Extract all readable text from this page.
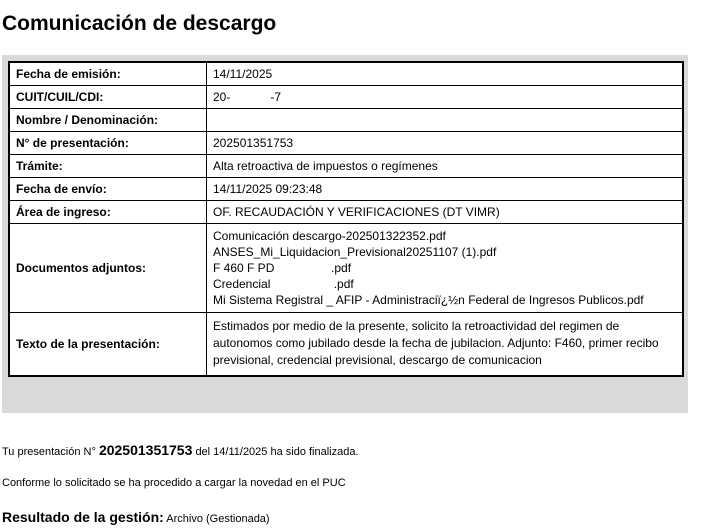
Comunicación de descargo
Fecha de emisión:	14/11/2025
CUIT/CUIL/CDI:	20-            -7
Nombre / Denominación:	
N° de presentación:	202501351753
Trámite:	Alta retroactiva de impuestos o regímenes
Fecha de envío:	14/11/2025 09:23:48
Área de ingreso:	OF. RECAUDACIÓN Y VERIFICACIONES (DT VIMR)
Documentos adjuntos:	Comunicación descargo-202501322352.pdf
ANSES_Mi_Liquidacion_Previsional20251107 (1).pdf
F 460 F PD                 .pdf
Credencial                   .pdf
Mi Sistema Registral _ AFIP - Administraciï¿½n Federal de Ingresos Publicos.pdf

Texto de la presentación:	Estimados por medio de la presente, solicito la retroactividad del regimen de autonomos como jubilado desde la fecha de jubilacion. Adjunto: F460, primer recibo previsional, credencial previsional, descargo de comunicacion
Tu presentación N° 202501351753 del 14/11/2025 ha sido finalizada.
Conforme lo solicitado se ha procedido a cargar la novedad en el PUC
Resultado de la gestión: Archivo (Gestionada)
